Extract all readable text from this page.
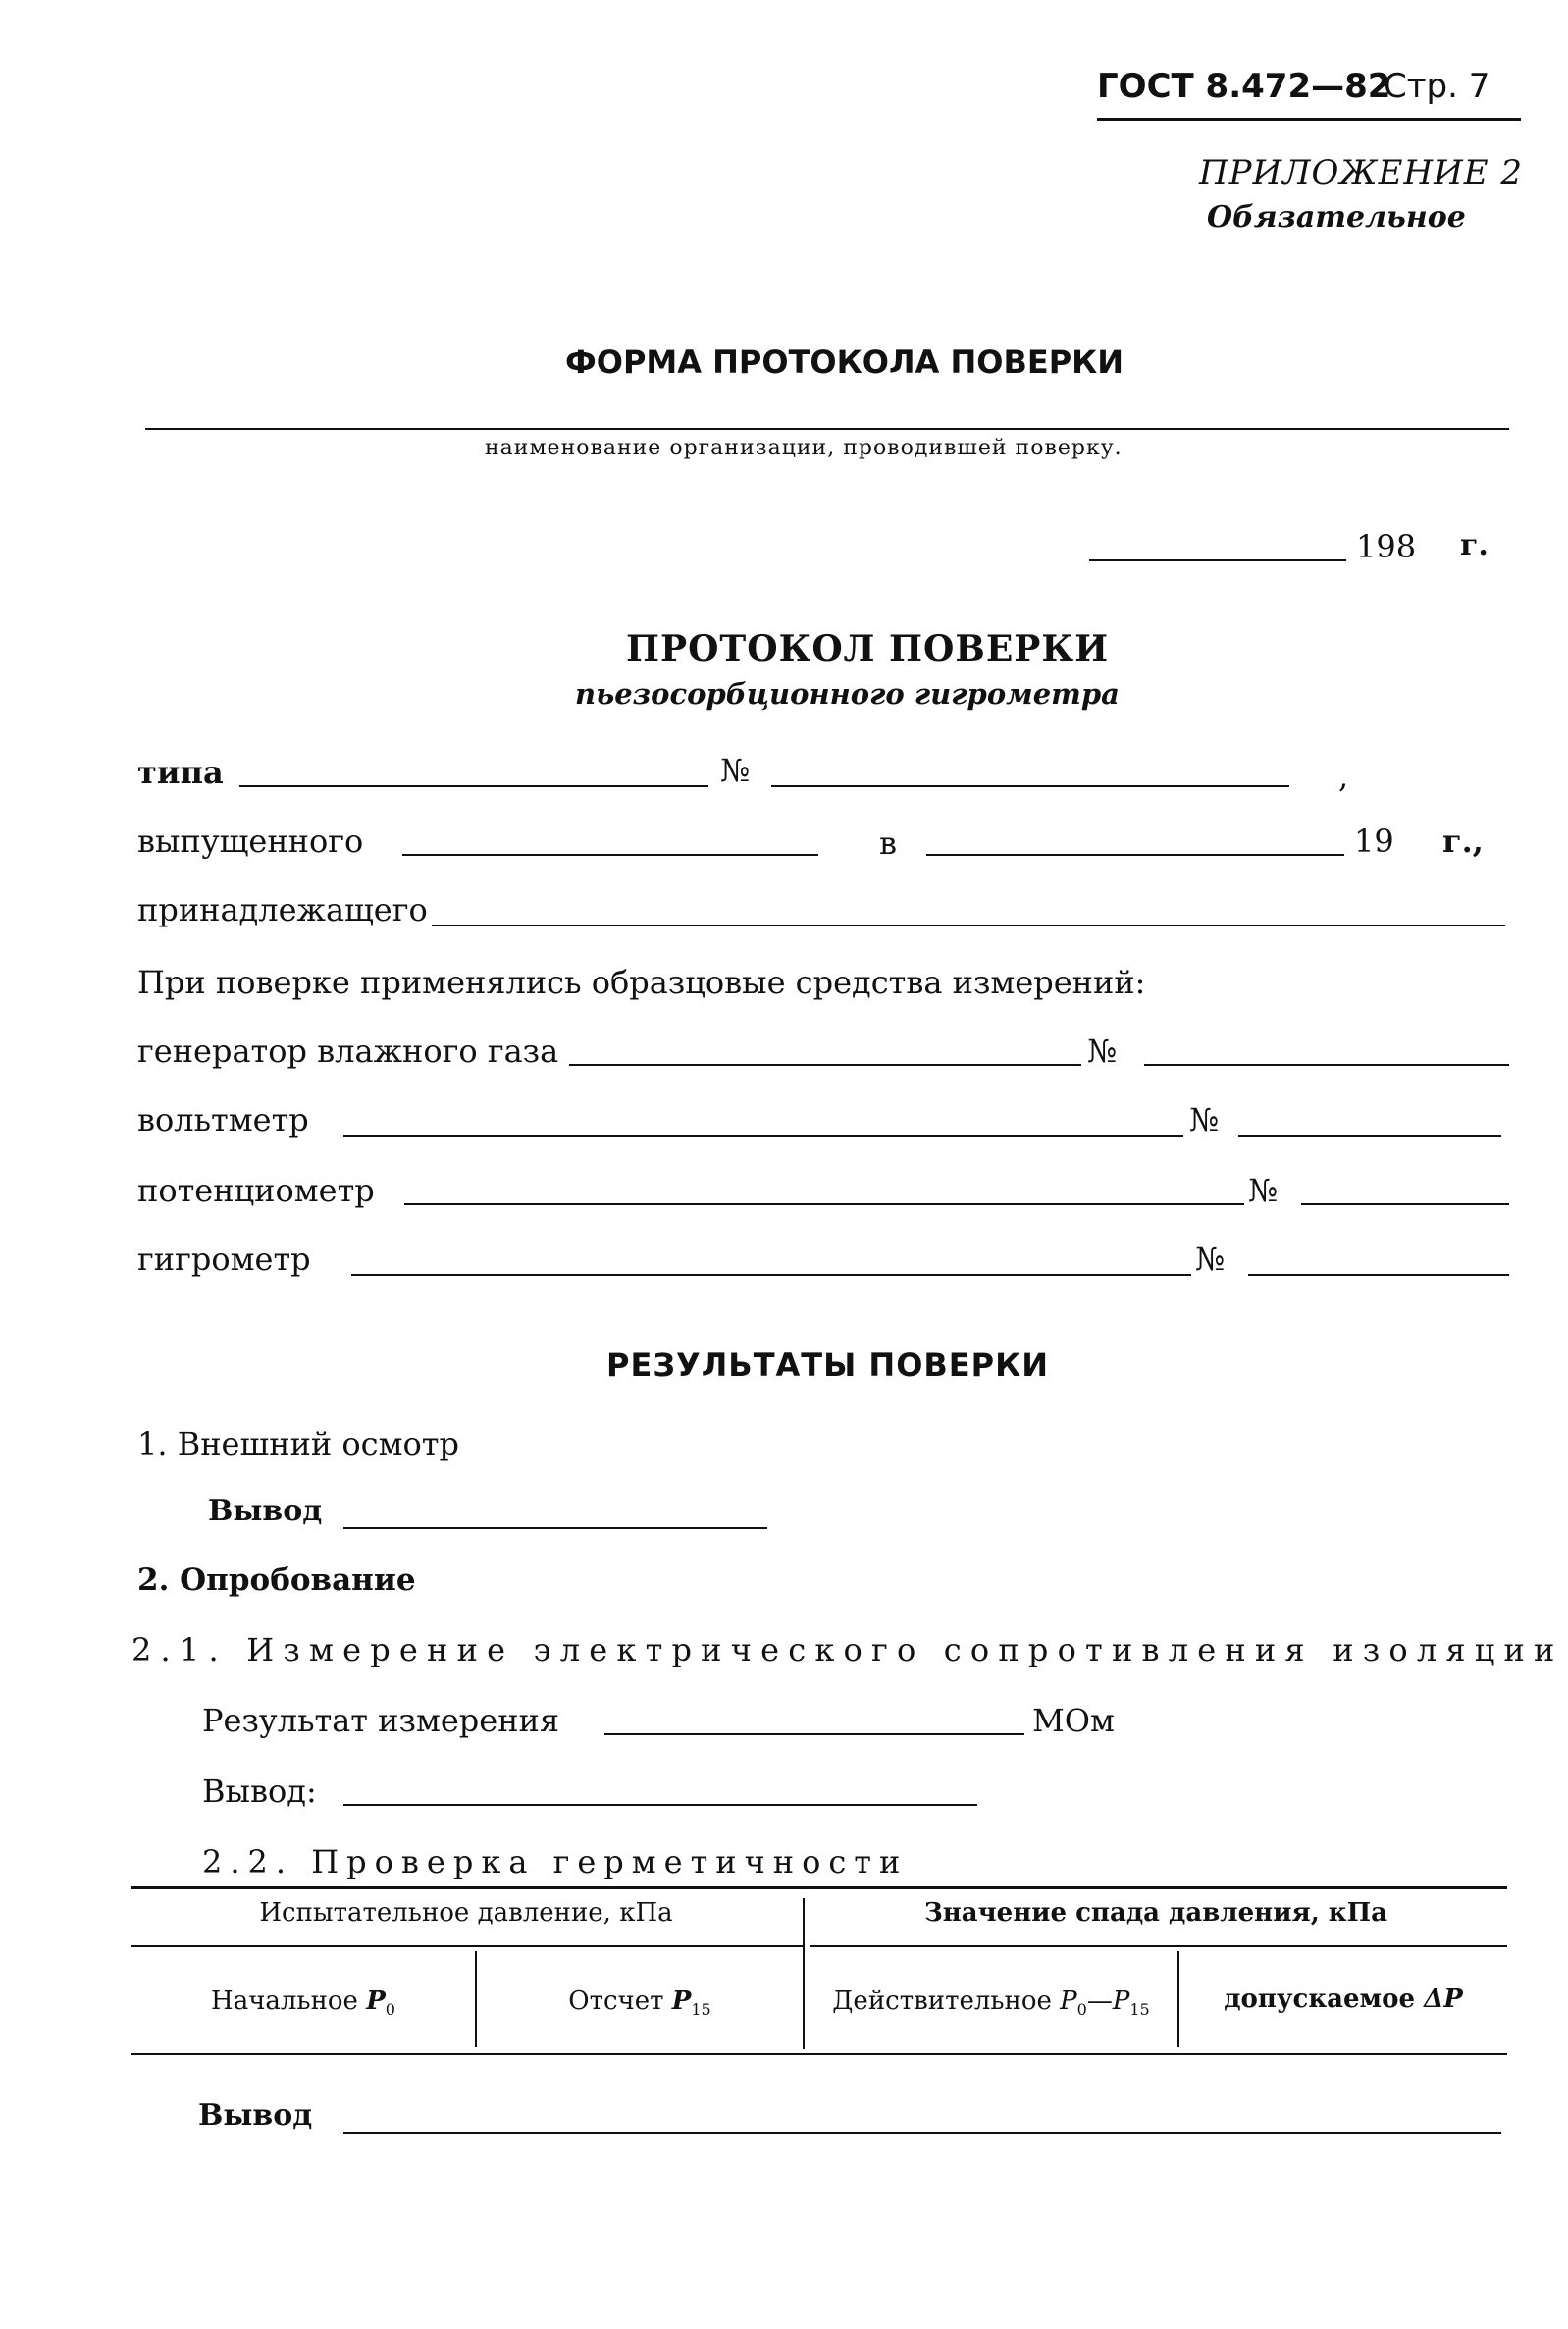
ГОСТ 8.472—82
Стр. 7
ПРИЛОЖЕНИЕ 2
Обязательное
ФОРМА ПРОТОКОЛА ПОВЕРКИ
наименование организации, проводившей поверку.
198 г.
ПРОТОКОЛ ПОВЕРКИ
пьезосорбционного гигрометра
типа	№	,
выпущенного	в	19 г.,
принадлежащего
При поверке применялись образцовые средства измерений:
генератор влажного газа	№
вольтметр	№
потенциометр	№
гигрометр	№
РЕЗУЛЬТАТЫ ПОВЕРКИ
1. Внешний осмотр
Вывод
2. Опробование
2.1. Измерение электрического сопротивления изоляции
Результат измерения	МОм
Вывод:
2.2. Проверка герметичности
Испытательное давление, кПа	Значение спада давления, кПа
Начальное $P_0$	Отсчет $P_{15}$	Действительное $P_0—P_{15}$	допускаемое ΔP
Вывод
